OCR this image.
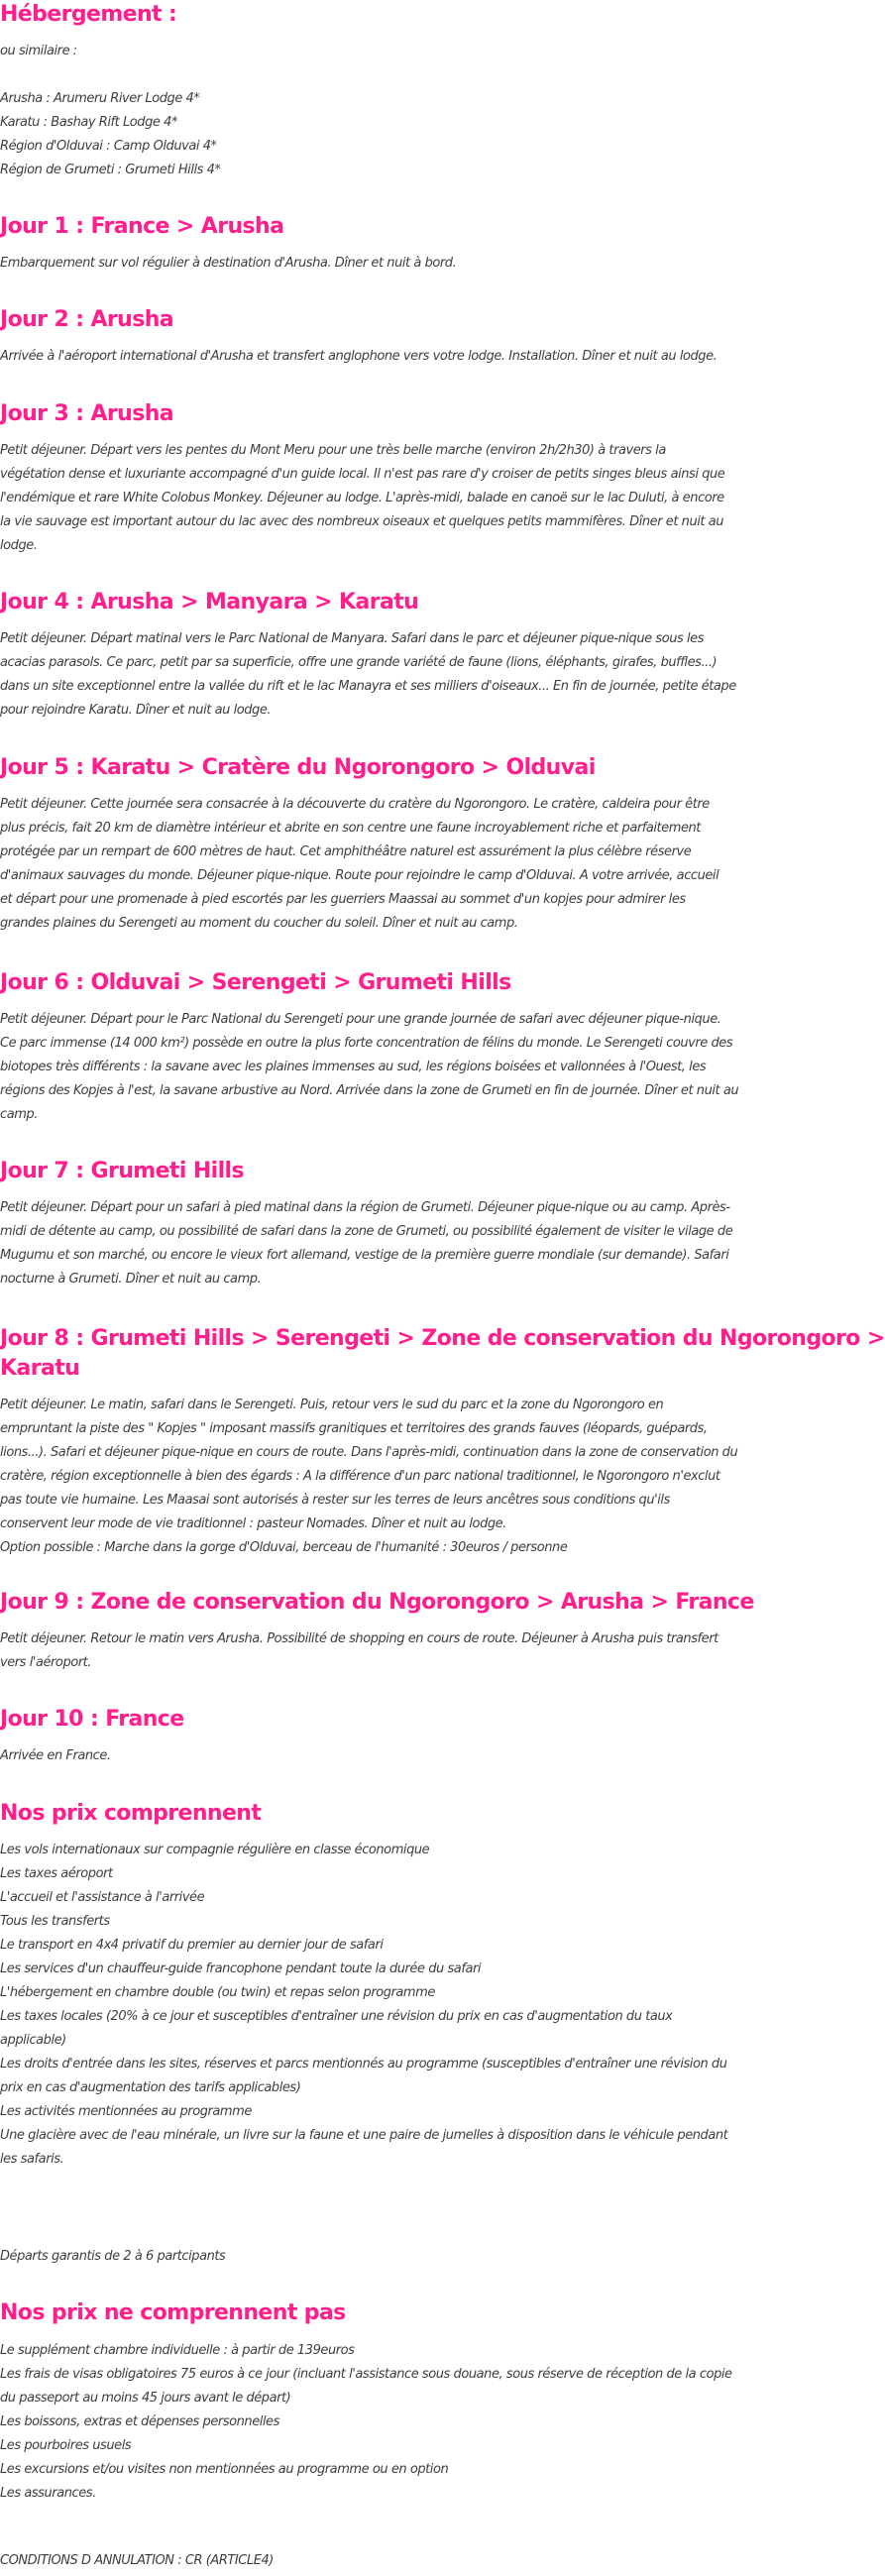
Hébergement :

ou similaire :

Arusha : Arumeru River Lodge 4*
Karatu : Bashay Rift Lodge 4*
Région d'Olduvai : Camp Olduvai 4*
Région de Grumeti : Grumeti Hills 4*

Jour 1 : France > Arusha

Embarquement sur vol régulier à destination d'Arusha. Dîner et nuit à bord.

Jour 2 : Arusha

Arrivée à l'aéroport international d'Arusha et transfert anglophone vers votre lodge. Installation. Dîner et nuit au lodge.

Jour 3 : Arusha

Petit déjeuner. Départ vers les pentes du Mont Meru pour une très belle marche (environ 2h/2h30) à travers la
végétation dense et luxuriante accompagné d'un guide local. Il n'est pas rare d'y croiser de petits singes bleus ainsi que
l'endémique et rare White Colobus Monkey. Déjeuner au lodge. L'après-midi, balade en canoë sur le lac Duluti, à encore
la vie sauvage est important autour du lac avec des nombreux oiseaux et quelques petits mammifères. Dîner et nuit au
lodge.

Jour 4 : Arusha > Manyara > Karatu

Petit déjeuner. Départ matinal vers le Parc National de Manyara. Safari dans le parc et déjeuner pique-nique sous les
acacias parasols. Ce parc, petit par sa superficie, offre une grande variété de faune (lions, éléphants, girafes, buffles...)
dans un site exceptionnel entre la vallée du rift et le lac Manayra et ses milliers d'oiseaux... En fin de journée, petite étape
pour rejoindre Karatu. Dîner et nuit au lodge.

Jour 5 : Karatu > Cratère du Ngorongoro > Olduvai

Petit déjeuner. Cette journée sera consacrée à la découverte du cratère du Ngorongoro. Le cratère, caldeira pour être
plus précis, fait 20 km de diamètre intérieur et abrite en son centre une faune incroyablement riche et parfaitement
protégée par un rempart de 600 mètres de haut. Cet amphithéâtre naturel est assurément la plus célèbre réserve
d'animaux sauvages du monde. Déjeuner pique-nique. Route pour rejoindre le camp d'Olduvai. A votre arrivée, accueil
et départ pour une promenade à pied escortés par les guerriers Maassai au sommet d'un kopjes pour admirer les
grandes plaines du Serengeti au moment du coucher du soleil. Dîner et nuit au camp.

Jour 6 : Olduvai > Serengeti > Grumeti Hills

Petit déjeuner. Départ pour le Parc National du Serengeti pour une grande journée de safari avec déjeuner pique-nique.
Ce parc immense (14 000 km²) possède en outre la plus forte concentration de félins du monde. Le Serengeti couvre des
biotopes très différents : la savane avec les plaines immenses au sud, les régions boisées et vallonnées à l'Ouest, les
régions des Kopjes à l'est, la savane arbustive au Nord. Arrivée dans la zone de Grumeti en fin de journée. Dîner et nuit au
camp.

Jour 7 : Grumeti Hills

Petit déjeuner. Départ pour un safari à pied matinal dans la région de Grumeti. Déjeuner pique-nique ou au camp. Après-
midi de détente au camp, ou possibilité de safari dans la zone de Grumeti, ou possibilité également de visiter le vilage de
Mugumu et son marché, ou encore le vieux fort allemand, vestige de la première guerre mondiale (sur demande). Safari
nocturne à Grumeti. Dîner et nuit au camp.

Jour 8 : Grumeti Hills > Serengeti > Zone de conservation du Ngorongoro >
Karatu

Petit déjeuner. Le matin, safari dans le Serengeti. Puis, retour vers le sud du parc et la zone du Ngorongoro en
empruntant la piste des " Kopjes " imposant massifs granitiques et territoires des grands fauves (léopards, guépards,
lions...). Safari et déjeuner pique-nique en cours de route. Dans l'après-midi, continuation dans la zone de conservation du
cratère, région exceptionnelle à bien des égards : A la différence d'un parc national traditionnel, le Ngorongoro n'exclut
pas toute vie humaine. Les Maasai sont autorisés à rester sur les terres de leurs ancêtres sous conditions qu'ils
conservent leur mode de vie traditionnel : pasteur Nomades. Dîner et nuit au lodge.
Option possible : Marche dans la gorge d'Olduvai, berceau de l'humanité : 30euros / personne

Jour 9 : Zone de conservation du Ngorongoro > Arusha > France

Petit déjeuner. Retour le matin vers Arusha. Possibilité de shopping en cours de route. Déjeuner à Arusha puis transfert
vers l'aéroport.

Jour 10 : France

Arrivée en France.

Nos prix comprennent

Les vols internationaux sur compagnie régulière en classe économique
Les taxes aéroport
L'accueil et l'assistance à l'arrivée
Tous les transferts
Le transport en 4x4 privatif du premier au dernier jour de safari
Les services d'un chauffeur-guide francophone pendant toute la durée du safari
L'hébergement en chambre double (ou twin) et repas selon programme
Les taxes locales (20% à ce jour et susceptibles d'entraîner une révision du prix en cas d'augmentation du taux
applicable)
Les droits d'entrée dans les sites, réserves et parcs mentionnés au programme (susceptibles d'entraîner une révision du
prix en cas d'augmentation des tarifs applicables)
Les activités mentionnées au programme
Une glacière avec de l'eau minérale, un livre sur la faune et une paire de jumelles à disposition dans le véhicule pendant
les safaris.

Départs garantis de 2 à 6 partcipants

Nos prix ne comprennent pas

Le supplément chambre individuelle : à partir de 139euros
Les frais de visas obligatoires 75 euros à ce jour (incluant l'assistance sous douane, sous réserve de réception de la copie
du passeport au moins 45 jours avant le départ)
Les boissons, extras et dépenses personnelles
Les pourboires usuels
Les excursions et/ou visites non mentionnées au programme ou en option
Les assurances.

CONDITIONS D ANNULATION : CR (ARTICLE4)
